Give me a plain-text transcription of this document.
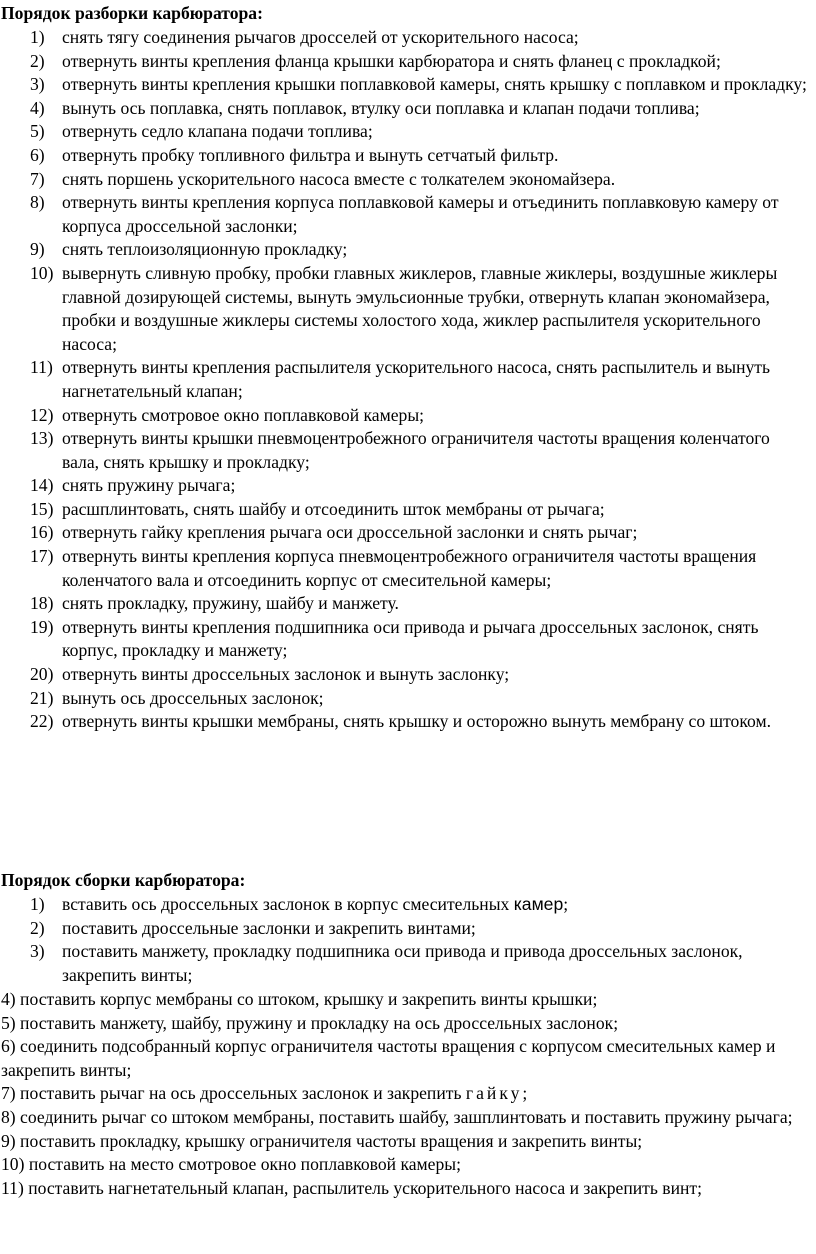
Порядок разборки карбюратора:

1) снять тягу соединения рычагов дросселей от ускорительного насоса;
2) отвернуть винты крепления фланца крышки карбюратора и снять фланец с прокладкой;
3) отвернуть винты крепления крышки поплавковой камеры, снять крышку с поплавком и прокладку;
4) вынуть ось поплавка, снять поплавок, втулку оси поплавка и клапан подачи топлива;
5) отвернуть седло клапана подачи топлива;
6) отвернуть пробку топливного фильтра и вынуть сетчатый фильтр.
7) снять поршень ускорительного насоса вместе с толкателем экономайзера.
8) отвернуть винты крепления корпуса поплавковой камеры и отъединить поплавковую камеру от корпуса дроссельной заслонки;
9) снять теплоизоляционную прокладку;
10) вывернуть сливную пробку, пробки главных жиклеров, главные жиклеры, воздушные жиклеры главной дозирующей системы, вынуть эмульсионные трубки, отвернуть клапан экономайзера, пробки и воздушные жиклеры системы холостого хода, жиклер распылителя ускорительного насоса;
11) отвернуть винты крепления распылителя ускорительного насоса, снять распылитель и вынуть нагнетательный клапан;
12) отвернуть смотровое окно поплавковой камеры;
13) отвернуть винты крышки пневмоцентробежного ограничителя частоты вращения коленчатого вала, снять крышку и прокладку;
14) снять пружину рычага;
15) расшплинтовать, снять шайбу и отсоединить шток мембраны от рычага;
16) отвернуть гайку крепления рычага оси дроссельной заслонки и снять рычаг;
17) отвернуть винты крепления корпуса пневмоцентробежного ограничителя частоты вращения коленчатого вала и отсоединить корпус от смесительной камеры;
18) снять прокладку, пружину, шайбу и манжету.
19) отвернуть винты крепления подшипника оси привода и рычага дроссельных заслонок, снять корпус, прокладку и манжету;
20) отвернуть винты дроссельных заслонок и вынуть заслонку;
21) вынуть ось дроссельных заслонок;
22) отвернуть винты крышки мембраны, снять крышку и осторожно вынуть мембрану со штоком.

Порядок сборки карбюратора:

1) вставить ось дроссельных заслонок в корпус смесительных камер;
2) поставить дроссельные заслонки и закрепить винтами;
3) поставить манжету, прокладку подшипника оси привода и привода дроссельных заслонок, закрепить винты;
4) поставить корпус мембраны со штоком, крышку и закрепить винты крышки;
5) поставить манжету, шайбу, пружину и прокладку на ось дроссельных заслонок;
6) соединить подсобранный корпус ограничителя частоты вращения с корпусом смесительных камер и закрепить винты;
7) поставить рычаг на ось дроссельных заслонок и закрепить гайку;
8) соединить рычаг со штоком мембраны, поставить шайбу, зашплинтовать и поставить пружину рычага;
9) поставить прокладку, крышку ограничителя частоты вращения и закрепить винты;
10) поставить на место смотровое окно поплавковой камеры;
11) поставить нагнетательный клапан, распылитель ускорительного насоса и закрепить винт;
